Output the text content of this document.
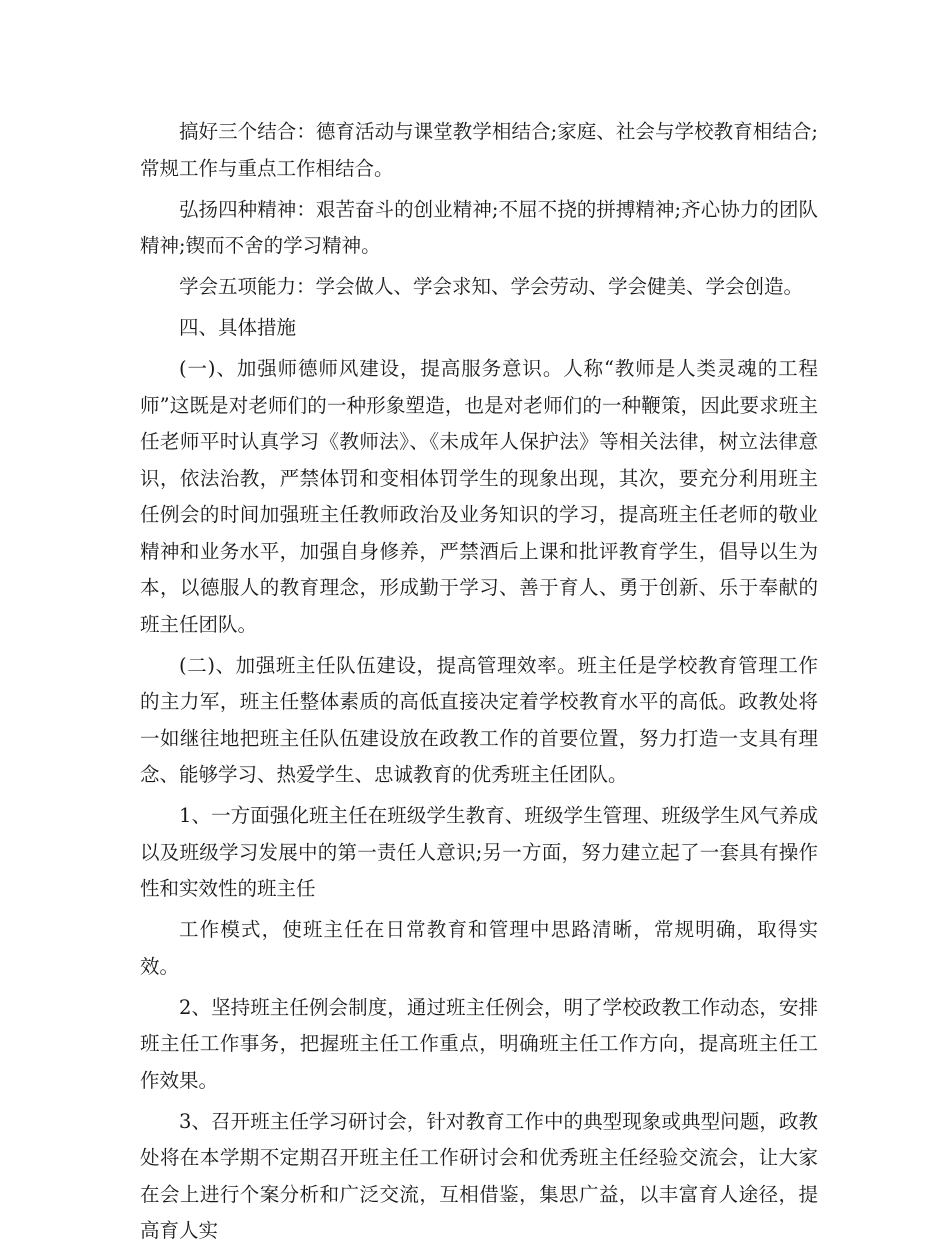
搞好三个结合：德育活动与课堂教学相结合;家庭、社会与学校教育相结合;常规工作与重点工作相结合。

弘扬四种精神：艰苦奋斗的创业精神;不屈不挠的拼搏精神;齐心协力的团队精神;锲而不舍的学习精神。

学会五项能力：学会做人、学会求知、学会劳动、学会健美、学会创造。

四、具体措施

(一)、加强师德师风建设，提高服务意识。人称“教师是人类灵魂的工程师”这既是对老师们的一种形象塑造，也是对老师们的一种鞭策，因此要求班主任老师平时认真学习《教师法》、《未成年人保护法》等相关法律，树立法律意识，依法治教，严禁体罚和变相体罚学生的现象出现，其次，要充分利用班主任例会的时间加强班主任教师政治及业务知识的学习，提高班主任老师的敬业精神和业务水平，加强自身修养，严禁酒后上课和批评教育学生，倡导以生为本，以德服人的教育理念，形成勤于学习、善于育人、勇于创新、乐于奉献的班主任团队。

(二)、加强班主任队伍建设，提高管理效率。班主任是学校教育管理工作的主力军，班主任整体素质的高低直接决定着学校教育水平的高低。政教处将一如继往地把班主任队伍建设放在政教工作的首要位置，努力打造一支具有理念、能够学习、热爱学生、忠诚教育的优秀班主任团队。

1、一方面强化班主任在班级学生教育、班级学生管理、班级学生风气养成以及班级学习发展中的第一责任人意识;另一方面，努力建立起了一套具有操作性和实效性的班主任

工作模式，使班主任在日常教育和管理中思路清晰，常规明确，取得实效。

2、坚持班主任例会制度，通过班主任例会，明了学校政教工作动态，安排班主任工作事务，把握班主任工作重点，明确班主任工作方向，提高班主任工作效果。

3、召开班主任学习研讨会，针对教育工作中的典型现象或典型问题，政教处将在本学期不定期召开班主任工作研讨会和优秀班主任经验交流会，让大家在会上进行个案分析和广泛交流，互相借鉴，集思广益，以丰富育人途径，提高育人实
